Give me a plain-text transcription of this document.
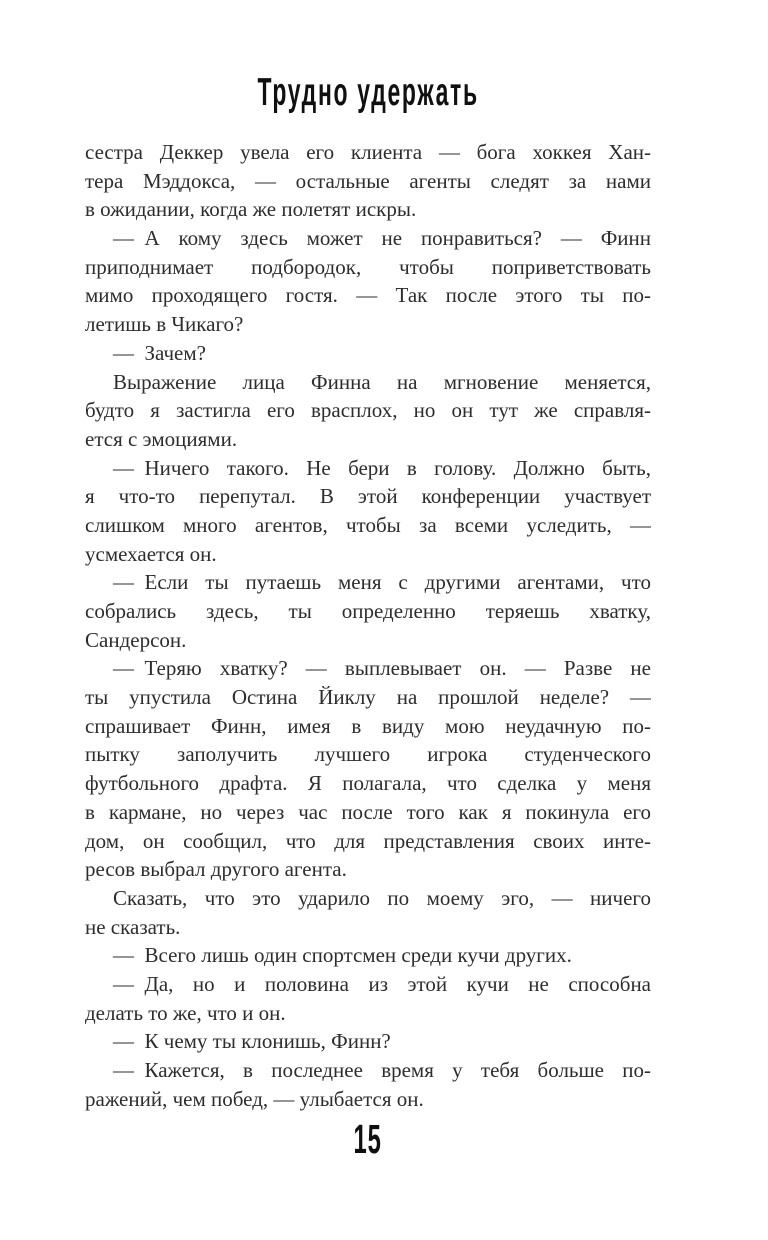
Трудно удержать
сестра Деккер увела его клиента — бога хоккея Хан-
тера Мэддокса, — остальные агенты следят за нами
в ожидании, когда же полетят искры.
— А кому здесь может не понравиться? — Финн
приподнимает подбородок, чтобы поприветствовать
мимо проходящего гостя. — Так после этого ты по-
летишь в Чикаго?
— Зачем?
Выражение лица Финна на мгновение меняется,
будто я застигла его врасплох, но он тут же справля-
ется с эмоциями.
— Ничего такого. Не бери в голову. Должно быть,
я что-то перепутал. В этой конференции участвует
слишком много агентов, чтобы за всеми уследить, —
усмехается он.
— Если ты путаешь меня с другими агентами, что
собрались здесь, ты определенно теряешь хватку,
Сандерсон.
— Теряю хватку? — выплевывает он. — Разве не
ты упустила Остина Йиклу на прошлой неделе? —
спрашивает Финн, имея в виду мою неудачную по-
пытку заполучить лучшего игрока студенческого
футбольного драфта. Я полагала, что сделка у меня
в кармане, но через час после того как я покинула его
дом, он сообщил, что для представления своих инте-
ресов выбрал другого агента.
Сказать, что это ударило по моему эго, — ничего
не сказать.
— Всего лишь один спортсмен среди кучи других.
— Да, но и половина из этой кучи не способна
делать то же, что и он.
— К чему ты клонишь, Финн?
— Кажется, в последнее время у тебя больше по-
ражений, чем побед, — улыбается он.
15
